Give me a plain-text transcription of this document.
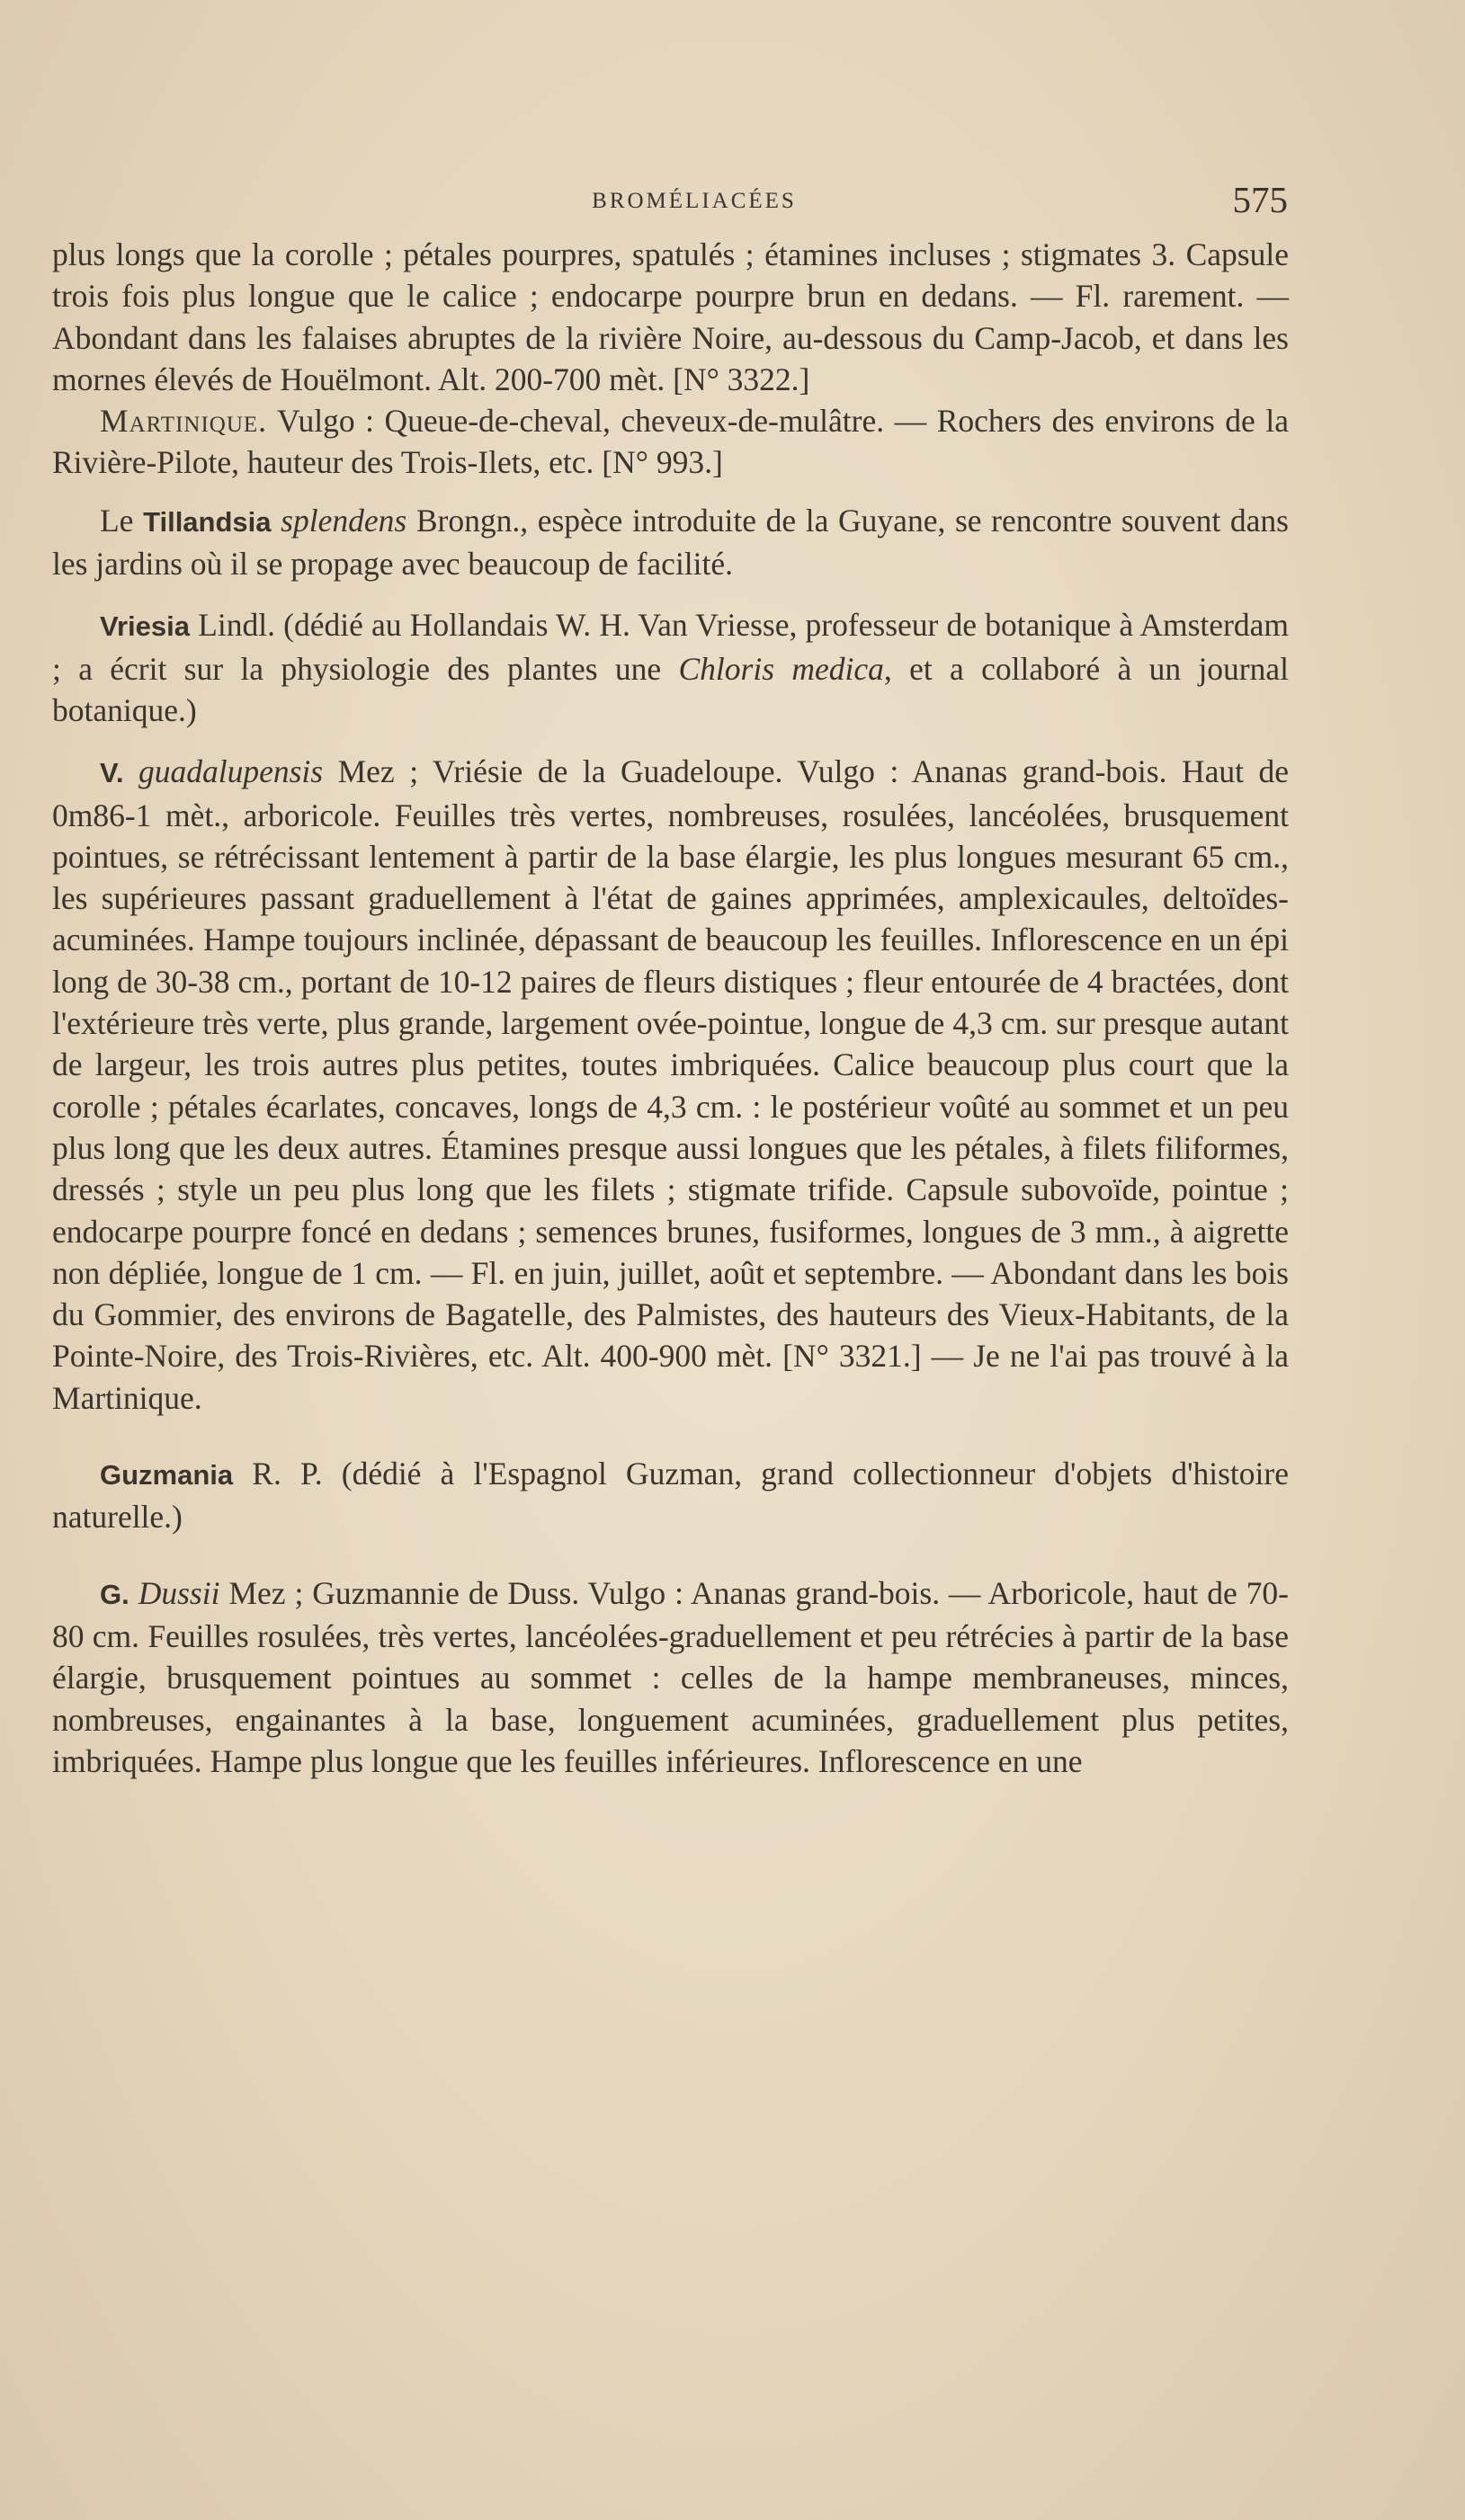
BROMÉLIACÉES	575

plus longs que la corolle ; pétales pourpres, spatulés ; étamines incluses ; stigmates 3. Capsule trois fois plus longue que le calice ; endocarpe pourpre brun en dedans. — Fl. rarement. — Abondant dans les falaises abruptes de la rivière Noire, au-dessous du Camp-Jacob, et dans les mornes élevés de Houëlmont. Alt. 200-700 mèt. [N° 3322.]

Martinique. Vulgo : Queue-de-cheval, cheveux-de-mulâtre. — Rochers des environs de la Rivière-Pilote, hauteur des Trois-Ilets, etc. [N° 993.]

Le Tillandsia splendens Brongn., espèce introduite de la Guyane, se rencontre souvent dans les jardins où il se propage avec beaucoup de facilité.

Vriesia Lindl. (dédié au Hollandais W. H. Van Vriesse, professeur de botanique à Amsterdam ; a écrit sur la physiologie des plantes une Chloris medica, et a collaboré à un journal botanique.)

V. guadalupensis Mez ; Vriésie de la Guadeloupe. Vulgo : Ananas grand-bois. Haut de 0m86-1 mèt., arboricole. Feuilles très vertes, nombreuses, rosulées, lancéolées, brusquement pointues, se rétrécissant lentement à partir de la base élargie, les plus longues mesurant 65 cm., les supérieures passant graduellement à l'état de gaines apprimées, amplexicaules, deltoïdes-acuminées. Hampe toujours inclinée, dépassant de beaucoup les feuilles. Inflorescence en un épi long de 30-38 cm., portant de 10-12 paires de fleurs distiques ; fleur entourée de 4 bractées, dont l'extérieure très verte, plus grande, largement ovée-pointue, longue de 4,3 cm. sur presque autant de largeur, les trois autres plus petites, toutes imbriquées. Calice beaucoup plus court que la corolle ; pétales écarlates, concaves, longs de 4,3 cm. : le postérieur voûté au sommet et un peu plus long que les deux autres. Étamines presque aussi longues que les pétales, à filets filiformes, dressés ; style un peu plus long que les filets ; stigmate trifide. Capsule subovoïde, pointue ; endocarpe pourpre foncé en dedans ; semences brunes, fusiformes, longues de 3 mm., à aigrette non dépliée, longue de 1 cm. — Fl. en juin, juillet, août et septembre. — Abondant dans les bois du Gommier, des environs de Bagatelle, des Palmistes, des hauteurs des Vieux-Habitants, de la Pointe-Noire, des Trois-Rivières, etc. Alt. 400-900 mèt. [N° 3321.] — Je ne l'ai pas trouvé à la Martinique.

Guzmania R. P. (dédié à l'Espagnol Guzman, grand collectionneur d'objets d'histoire naturelle.)

G. Dussii Mez ; Guzmannie de Duss. Vulgo : Ananas grand-bois. — Arboricole, haut de 70-80 cm. Feuilles rosulées, très vertes, lancéolées-graduellement et peu rétrécies à partir de la base élargie, brusquement pointues au sommet : celles de la hampe membraneuses, minces, nombreuses, engainantes à la base, longuement acuminées, graduellement plus petites, imbriquées. Hampe plus longue que les feuilles inférieures. Inflorescence en une
